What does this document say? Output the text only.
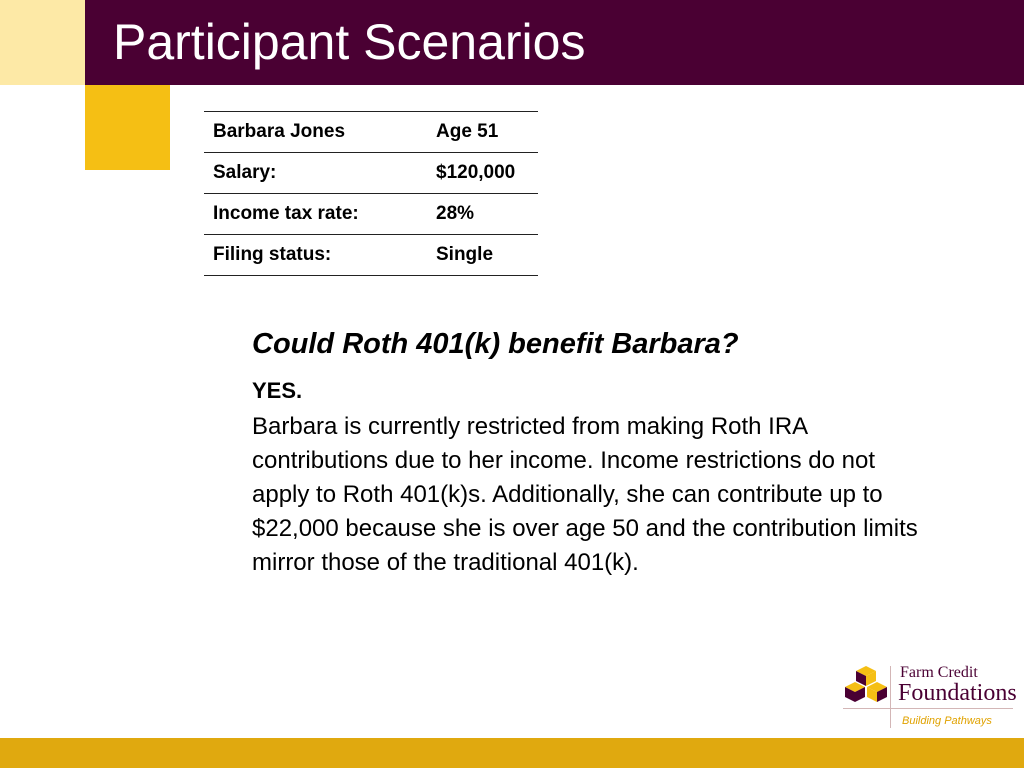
Participant Scenarios
Barbara Jones	Age 51
Salary:	$120,000
Income tax rate:	28%
Filing status:	Single
Could Roth 401(k) benefit Barbara?
YES.
Barbara is currently restricted from making Roth IRA contributions due to her income. Income restrictions do not apply to Roth 401(k)s. Additionally, she can contribute up to $22,000 because she is over age 50 and the contribution limits mirror those of the traditional 401(k).
Farm Credit
Foundations
Building Pathways
